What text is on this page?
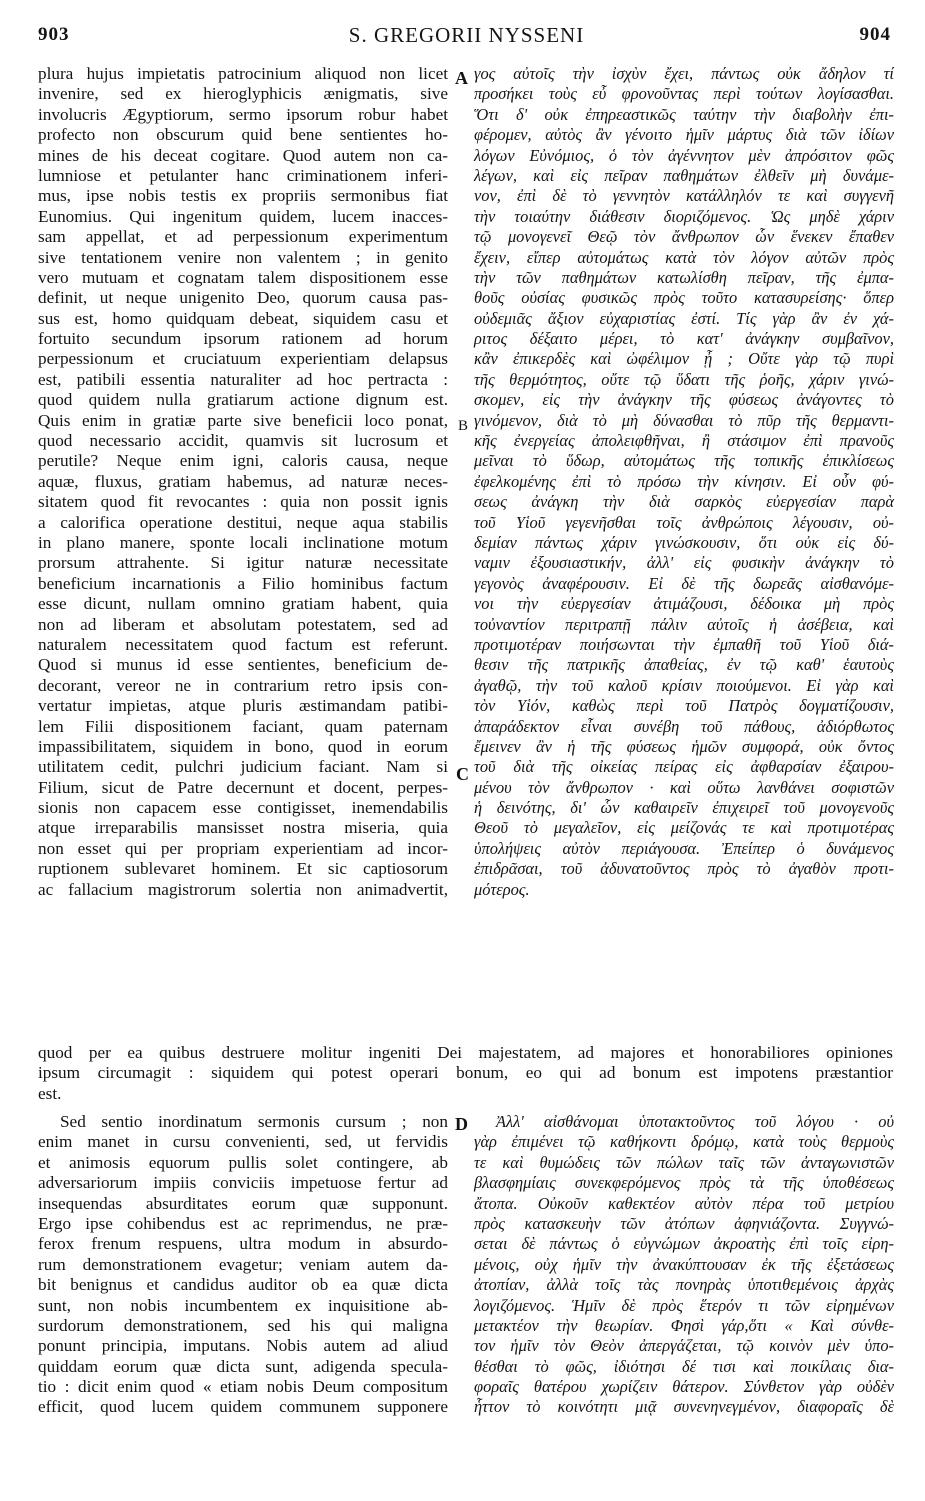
903	S. GREGORII NYSSENI	904
plura hujus impietatis patrocinium aliquod non licet
invenire, sed ex hieroglyphicis ænigmatis, sive
involucris Ægyptiorum, sermo ipsorum robur habet
profecto non obscurum quid bene sentientes ho-
mines de his deceat cogitare. Quod autem non ca-
lumniose et petulanter hanc criminationem inferi-
mus, ipse nobis testis ex propriis sermonibus fiat
Eunomius. Qui ingenitum quidem, lucem inacces-
sam appellat, et ad perpessionum experimentum
sive tentationem venire non valentem ; in genito
vero mutuam et cognatam talem dispositionem esse
definit, ut neque unigenito Deo, quorum causa pas-
sus est, homo quidquam debeat, siquidem casu et
fortuito secundum ipsorum rationem ad horum
perpessionum et cruciatuum experientiam delapsus
est, patibili essentia naturaliter ad hoc pertracta :
quod quidem nulla gratiarum actione dignum est.
Quis enim in gratiæ parte sive beneficii loco ponat,
quod necessario accidit, quamvis sit lucrosum et
perutile? Neque enim igni, caloris causa, neque
aquæ, fluxus, gratiam habemus, ad naturæ neces-
sitatem quod fit revocantes : quia non possit ignis
a calorifica operatione destitui, neque aqua stabilis
in plano manere, sponte locali inclinatione motum
prorsum attrahente. Si igitur naturæ necessitate
beneficium incarnationis a Filio hominibus factum
esse dicunt, nullam omnino gratiam habent, quia
non ad liberam et absolutam potestatem, sed ad
naturalem necessitatem quod factum est referunt.
Quod si munus id esse sentientes, beneficium de-
decorant, vereor ne in contrarium retro ipsis con-
vertatur impietas, atque pluris æstimandam patibi-
lem Filii dispositionem faciant, quam paternam
impassibilitatem, siquidem in bono, quod in eorum
utilitatem cedit, pulchri judicium faciant. Nam si
Filium, sicut de Patre decernunt et docent, perpes-
sionis non capacem esse contigisset, inemendabilis
atque irreparabilis mansisset nostra miseria, quia
non esset qui per propriam experientiam ad incor-
ruptionem sublevaret hominem. Et sic captiosorum
ac fallacium magistrorum solertia non animadvertit,
γος αὐτοῖς τὴν ἰσχὺν ἔχει, πάντως οὐκ ἄδηλον τί
προσήκει τοὺς εὖ φρονοῦντας περὶ τούτων λογίσασθαι.
Ὅτι δ' οὐκ ἐπηρεαστικῶς ταύτην τὴν διαβολὴν ἐπι-
φέρομεν, αὐτὸς ἂν γένοιτο ἡμῖν μάρτυς διὰ τῶν ἰδίων
λόγων Εὐνόμιος, ὁ τὸν ἀγέννητον μὲν ἀπρόσιτον φῶς
λέγων, καὶ εἰς πεῖραν παθημάτων ἐλθεῖν μὴ δυνάμε-
νον, ἐπὶ δὲ τὸ γεννητὸν κατάλληλόν τε καὶ συγγενῆ
τὴν τοιαύτην διάθεσιν διοριζόμενος. Ὡς μηδὲ χάριν
τῷ μονογενεῖ Θεῷ τὸν ἄνθρωπον ὧν ἕνεκεν ἔπαθεν
ἔχειν, εἴπερ αὐτομάτως κατὰ τὸν λόγον αὐτῶν πρὸς
τὴν τῶν παθημάτων κατωλίσθη πεῖραν, τῆς ἐμπα-
θοῦς οὐσίας φυσικῶς πρὸς τοῦτο κατασυρείσης· ὅπερ
οὐδεμιᾶς ἄξιον εὐχαριστίας ἐστί. Τίς γὰρ ἂν ἐν χά-
ριτος δέξαιτο μέρει, τὸ κατ' ἀνάγκην συμβαῖνον,
κἂν ἐπικερδὲς καὶ ὠφέλιμον ᾖ ; Οὔτε γὰρ τῷ πυρὶ
τῆς θερμότητος, οὔτε τῷ ὕδατι τῆς ῥοῆς, χάριν γινώ-
σκομεν, εἰς τὴν ἀνάγκην τῆς φύσεως ἀνάγοντες τὸ
γινόμενον, διὰ τὸ μὴ δύνασθαι τὸ πῦρ τῆς θερμαντι-
κῆς ἐνεργείας ἀπολειφθῆναι, ἢ στάσιμον ἐπὶ πρανοῦς
μεῖναι τὸ ὕδωρ, αὐτομάτως τῆς τοπικῆς ἐπικλίσεως
ἐφελκομένης ἐπὶ τὸ πρόσω τὴν κίνησιν. Εἰ οὖν φύ-
σεως ἀνάγκη τὴν διὰ σαρκὸς εὐεργεσίαν παρὰ
τοῦ Υἱοῦ γεγενῆσθαι τοῖς ἀνθρώποις λέγουσιν, οὐ-
δεμίαν πάντως χάριν γινώσκουσιν, ὅτι οὐκ εἰς δύ-
ναμιν ἐξουσιαστικήν, ἀλλ' εἰς φυσικὴν ἀνάγκην τὸ
γεγονὸς ἀναφέρουσιν. Εἰ δὲ τῆς δωρεᾶς αἰσθανόμε-
νοι τὴν εὐεργεσίαν ἀτιμάζουσι, δέδοικα μὴ πρὸς
τοὐναντίον περιτραπῇ πάλιν αὐτοῖς ἡ ἀσέβεια, καὶ
προτιμοτέραν ποιήσωνται τὴν ἐμπαθῆ τοῦ Υἱοῦ διά-
θεσιν τῆς πατρικῆς ἀπαθείας, ἐν τῷ καθ' ἑαυτοὺς
ἀγαθῷ, τὴν τοῦ καλοῦ κρίσιν ποιούμενοι. Εἰ γὰρ καὶ
τὸν Υἱόν, καθὼς περὶ τοῦ Πατρὸς δογματίζουσιν,
ἀπαράδεκτον εἶναι συνέβη τοῦ πάθους, ἀδιόρθωτος
ἔμεινεν ἂν ἡ τῆς φύσεως ἡμῶν συμφορά, οὐκ ὄντος
τοῦ διὰ τῆς οἰκείας πείρας εἰς ἀφθαρσίαν ἐξαιρου-
μένου τὸν ἄνθρωπον · καὶ οὕτω λανθάνει σοφιστῶν
ἡ δεινότης, δι' ὧν καθαιρεῖν ἐπιχειρεῖ τοῦ μονογενοῦς
Θεοῦ τὸ μεγαλεῖον, εἰς μείζονάς τε καὶ προτιμοτέρας
ὑπολήψεις αὐτὸν περιάγουσα. Ἐπείπερ ὁ δυνάμενος
ἐπιδρᾶσαι, τοῦ ἀδυνατοῦντος πρὸς τὸ ἀγαθὸν προτι-
μότερος.
quod per ea quibus destruere molitur ingeniti Dei majestatem, ad majores et honorabiliores opiniones
ipsum circumagit : siquidem qui potest operari bonum, eo qui ad bonum est impotens præstantior
est.
Sed sentio inordinatum sermonis cursum ; non
enim manet in cursu convenienti, sed, ut fervidis
et animosis equorum pullis solet contingere, ab
adversariorum impiis conviciis impetuose fertur ad
insequendas absurditates eorum quæ supponunt.
Ergo ipse cohibendus est ac reprimendus, ne præ-
ferox frenum respuens, ultra modum in absurdo-
rum demonstrationem evagetur; veniam autem da-
bit benignus et candidus auditor ob ea quæ dicta
sunt, non nobis incumbentem ex inquisitione ab-
surdorum demonstrationem, sed his qui maligna
ponunt principia, imputans. Nobis autem ad aliud
quiddam eorum quæ dicta sunt, adigenda specula-
tio : dicit enim quod « etiam nobis Deum compositum
efficit, quod lucem quidem communem supponere
Ἀλλ' αἰσθάνομαι ὑποτακτοῦντος τοῦ λόγου · οὐ
γὰρ ἐπιμένει τῷ καθήκοντι δρόμῳ, κατὰ τοὺς θερμοὺς
τε καὶ θυμώδεις τῶν πώλων ταῖς τῶν ἀνταγωνιστῶν
βλασφημίαις συνεκφερόμενος πρὸς τὰ τῆς ὑποθέσεως
ἄτοπα. Οὐκοῦν καθεκτέον αὐτὸν πέρα τοῦ μετρίου
πρὸς κατασκευὴν τῶν ἀτόπων ἀφηνιάζοντα. Συγγνώ-
σεται δὲ πάντως ὁ εὐγνώμων ἀκροατὴς ἐπὶ τοῖς εἰρη-
μένοις, οὐχ ἡμῖν τὴν ἀνακύπτουσαν ἐκ τῆς ἐξετάσεως
ἀτοπίαν, ἀλλὰ τοῖς τὰς πονηρὰς ὑποτιθεμένοις ἀρχὰς
λογιζόμενος. Ἡμῖν δὲ πρὸς ἕτερόν τι τῶν εἰρημένων
μετακτέον τὴν θεωρίαν. Φησὶ γάρ,ὅτι « Καὶ σύνθε-
τον ἡμῖν τὸν Θεὸν ἀπεργάζεται, τῷ κοινὸν μὲν ὑπο-
θέσθαι τὸ φῶς, ἰδιότησι δέ τισι καὶ ποικίλαις δια-
φοραῖς θατέρου χωρίζειν θάτερον. Σύνθετον γὰρ οὐδὲν
ἧττον τὸ κοινότητι μιᾷ συνενηνεγμένον, διαφοραῖς δὲ
A
B
C
D
